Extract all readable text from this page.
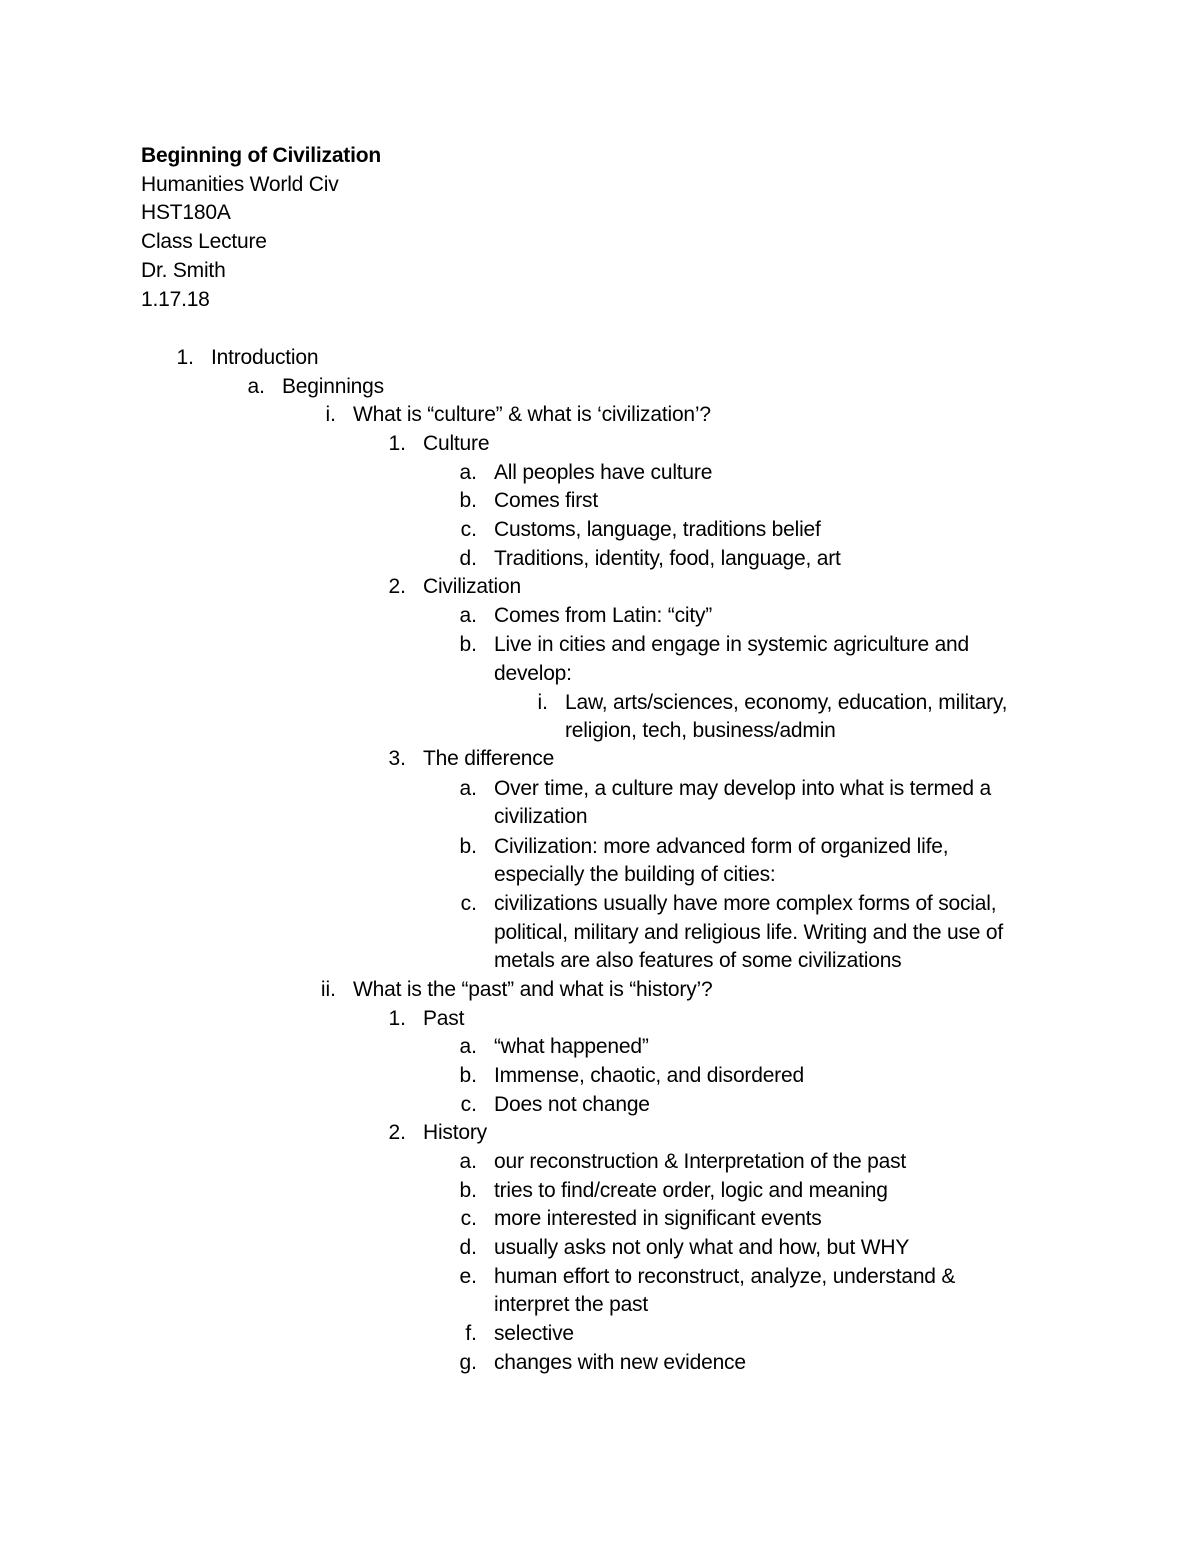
Beginning of Civilization
Humanities World Civ
HST180A
Class Lecture
Dr. Smith
1.17.18
1. Introduction
a. Beginnings
i. What is “culture” & what is ‘civilization’?
1. Culture
a. All peoples have culture
b. Comes first
c. Customs, language, traditions belief
d. Traditions, identity, food, language, art
2. Civilization
a. Comes from Latin: “city”
b. Live in cities and engage in systemic agriculture and
develop:
i. Law, arts/sciences, economy, education, military,
religion, tech, business/admin
3. The difference
a. Over time, a culture may develop into what is termed a
civilization
b. Civilization: more advanced form of organized life,
especially the building of cities:
c. civilizations usually have more complex forms of social,
political, military and religious life. Writing and the use of
metals are also features of some civilizations
ii. What is the “past” and what is “history’?
1. Past
a. “what happened”
b. Immense, chaotic, and disordered
c. Does not change
2. History
a. our reconstruction & Interpretation of the past
b. tries to find/create order, logic and meaning
c. more interested in significant events
d. usually asks not only what and how, but WHY
e. human effort to reconstruct, analyze, understand &
interpret the past
f. selective
g. changes with new evidence
